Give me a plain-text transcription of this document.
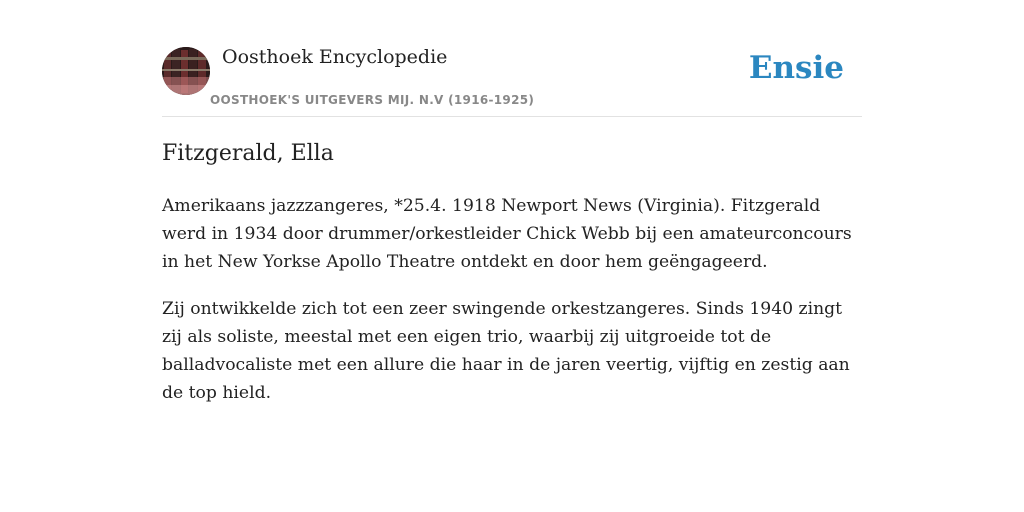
Oosthoek Encyclopedie
OOSTHOEK'S UITGEVERS MIJ. N.V (1916-1925)
Ensie
Fitzgerald, Ella

Amerikaans jazzzangeres, *25.4. 1918 Newport News (Virginia). Fitzgerald werd in 1934 door drummer/orkestleider Chick Webb bij een amateurconcours in het New Yorkse Apollo Theatre ontdekt en door hem geëngageerd.

Zij ontwikkelde zich tot een zeer swingende orkestzangeres. Sinds 1940 zingt zij als soliste, meestal met een eigen trio, waarbij zij uitgroeide tot de balladvocaliste met een allure die haar in de jaren veertig, vijftig en zestig aan de top hield.
